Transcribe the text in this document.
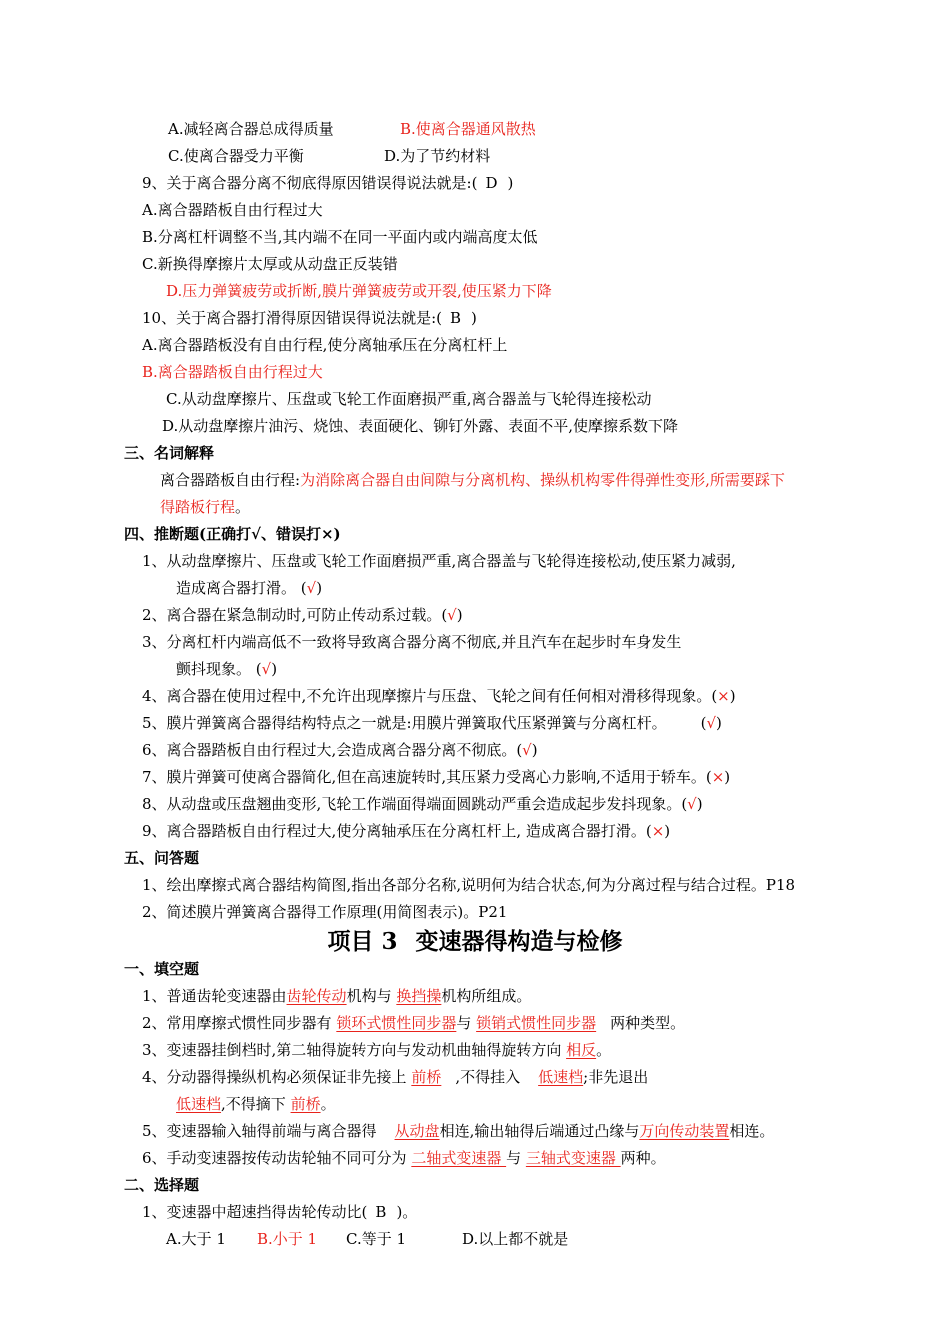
A.减轻离合器总成得质量	B.使离合器通风散热
C.使离合器受力平衡	D.为了节约材料
9、关于离合器分离不彻底得原因错误得说法就是:( D )
A.离合器踏板自由行程过大
B.分离杠杆调整不当,其内端不在同一平面内或内端高度太低
C.新换得摩擦片太厚或从动盘正反装错
D.压力弹簧疲劳或折断,膜片弹簧疲劳或开裂,使压紧力下降
10、关于离合器打滑得原因错误得说法就是:( B )
A.离合器踏板没有自由行程,使分离轴承压在分离杠杆上
B.离合器踏板自由行程过大
C.从动盘摩擦片、压盘或飞轮工作面磨损严重,离合器盖与飞轮得连接松动
D.从动盘摩擦片油污、烧蚀、表面硬化、铆钉外露、表面不平,使摩擦系数下降
三、名词解释
离合器踏板自由行程:为消除离合器自由间隙与分离机构、操纵机构零件得弹性变形,所需要踩下
得踏板行程。
四、推断题(正确打√、错误打×)
1、从动盘摩擦片、压盘或飞轮工作面磨损严重,离合器盖与飞轮得连接松动,使压紧力减弱,
造成离合器打滑。 (√)
2、离合器在紧急制动时,可防止传动系过载。(√)
3、分离杠杆内端高低不一致将导致离合器分离不彻底,并且汽车在起步时车身发生
颤抖现象。 (√)
4、离合器在使用过程中,不允许出现摩擦片与压盘、飞轮之间有任何相对滑移得现象。(×)
5、膜片弹簧离合器得结构特点之一就是:用膜片弹簧取代压紧弹簧与分离杠杆。 (√)
6、离合器踏板自由行程过大,会造成离合器分离不彻底。(√)
7、膜片弹簧可使离合器简化,但在高速旋转时,其压紧力受离心力影响,不适用于轿车。(×)
8、从动盘或压盘翘曲变形,飞轮工作端面得端面圆跳动严重会造成起步发抖现象。(√)
9、离合器踏板自由行程过大,使分离轴承压在分离杠杆上, 造成离合器打滑。(×)
五、问答题
1、绘出摩擦式离合器结构简图,指出各部分名称,说明何为结合状态,何为分离过程与结合过程。P18
2、简述膜片弹簧离合器得工作原理(用简图表示)。P21
项目 3 变速器得构造与检修
一、填空题
1、普通齿轮变速器由齿轮传动机构与 换挡操机构所组成。
2、常用摩擦式惯性同步器有 锁环式惯性同步器与 锁销式惯性同步器 两种类型。
3、变速器挂倒档时,第二轴得旋转方向与发动机曲轴得旋转方向 相反。
4、分动器得操纵机构必须保证非先接上 前桥 ,不得挂入 低速档;非先退出
低速档,不得摘下 前桥。
5、变速器输入轴得前端与离合器得 从动盘相连,输出轴得后端通过凸缘与万向传动装置相连。
6、手动变速器按传动齿轮轴不同可分为 二轴式变速器 与 三轴式变速器 两种。
二、选择题
1、变速器中超速挡得齿轮传动比( B )。
A.大于 1 B.小于 1 C.等于 1	D.以上都不就是
